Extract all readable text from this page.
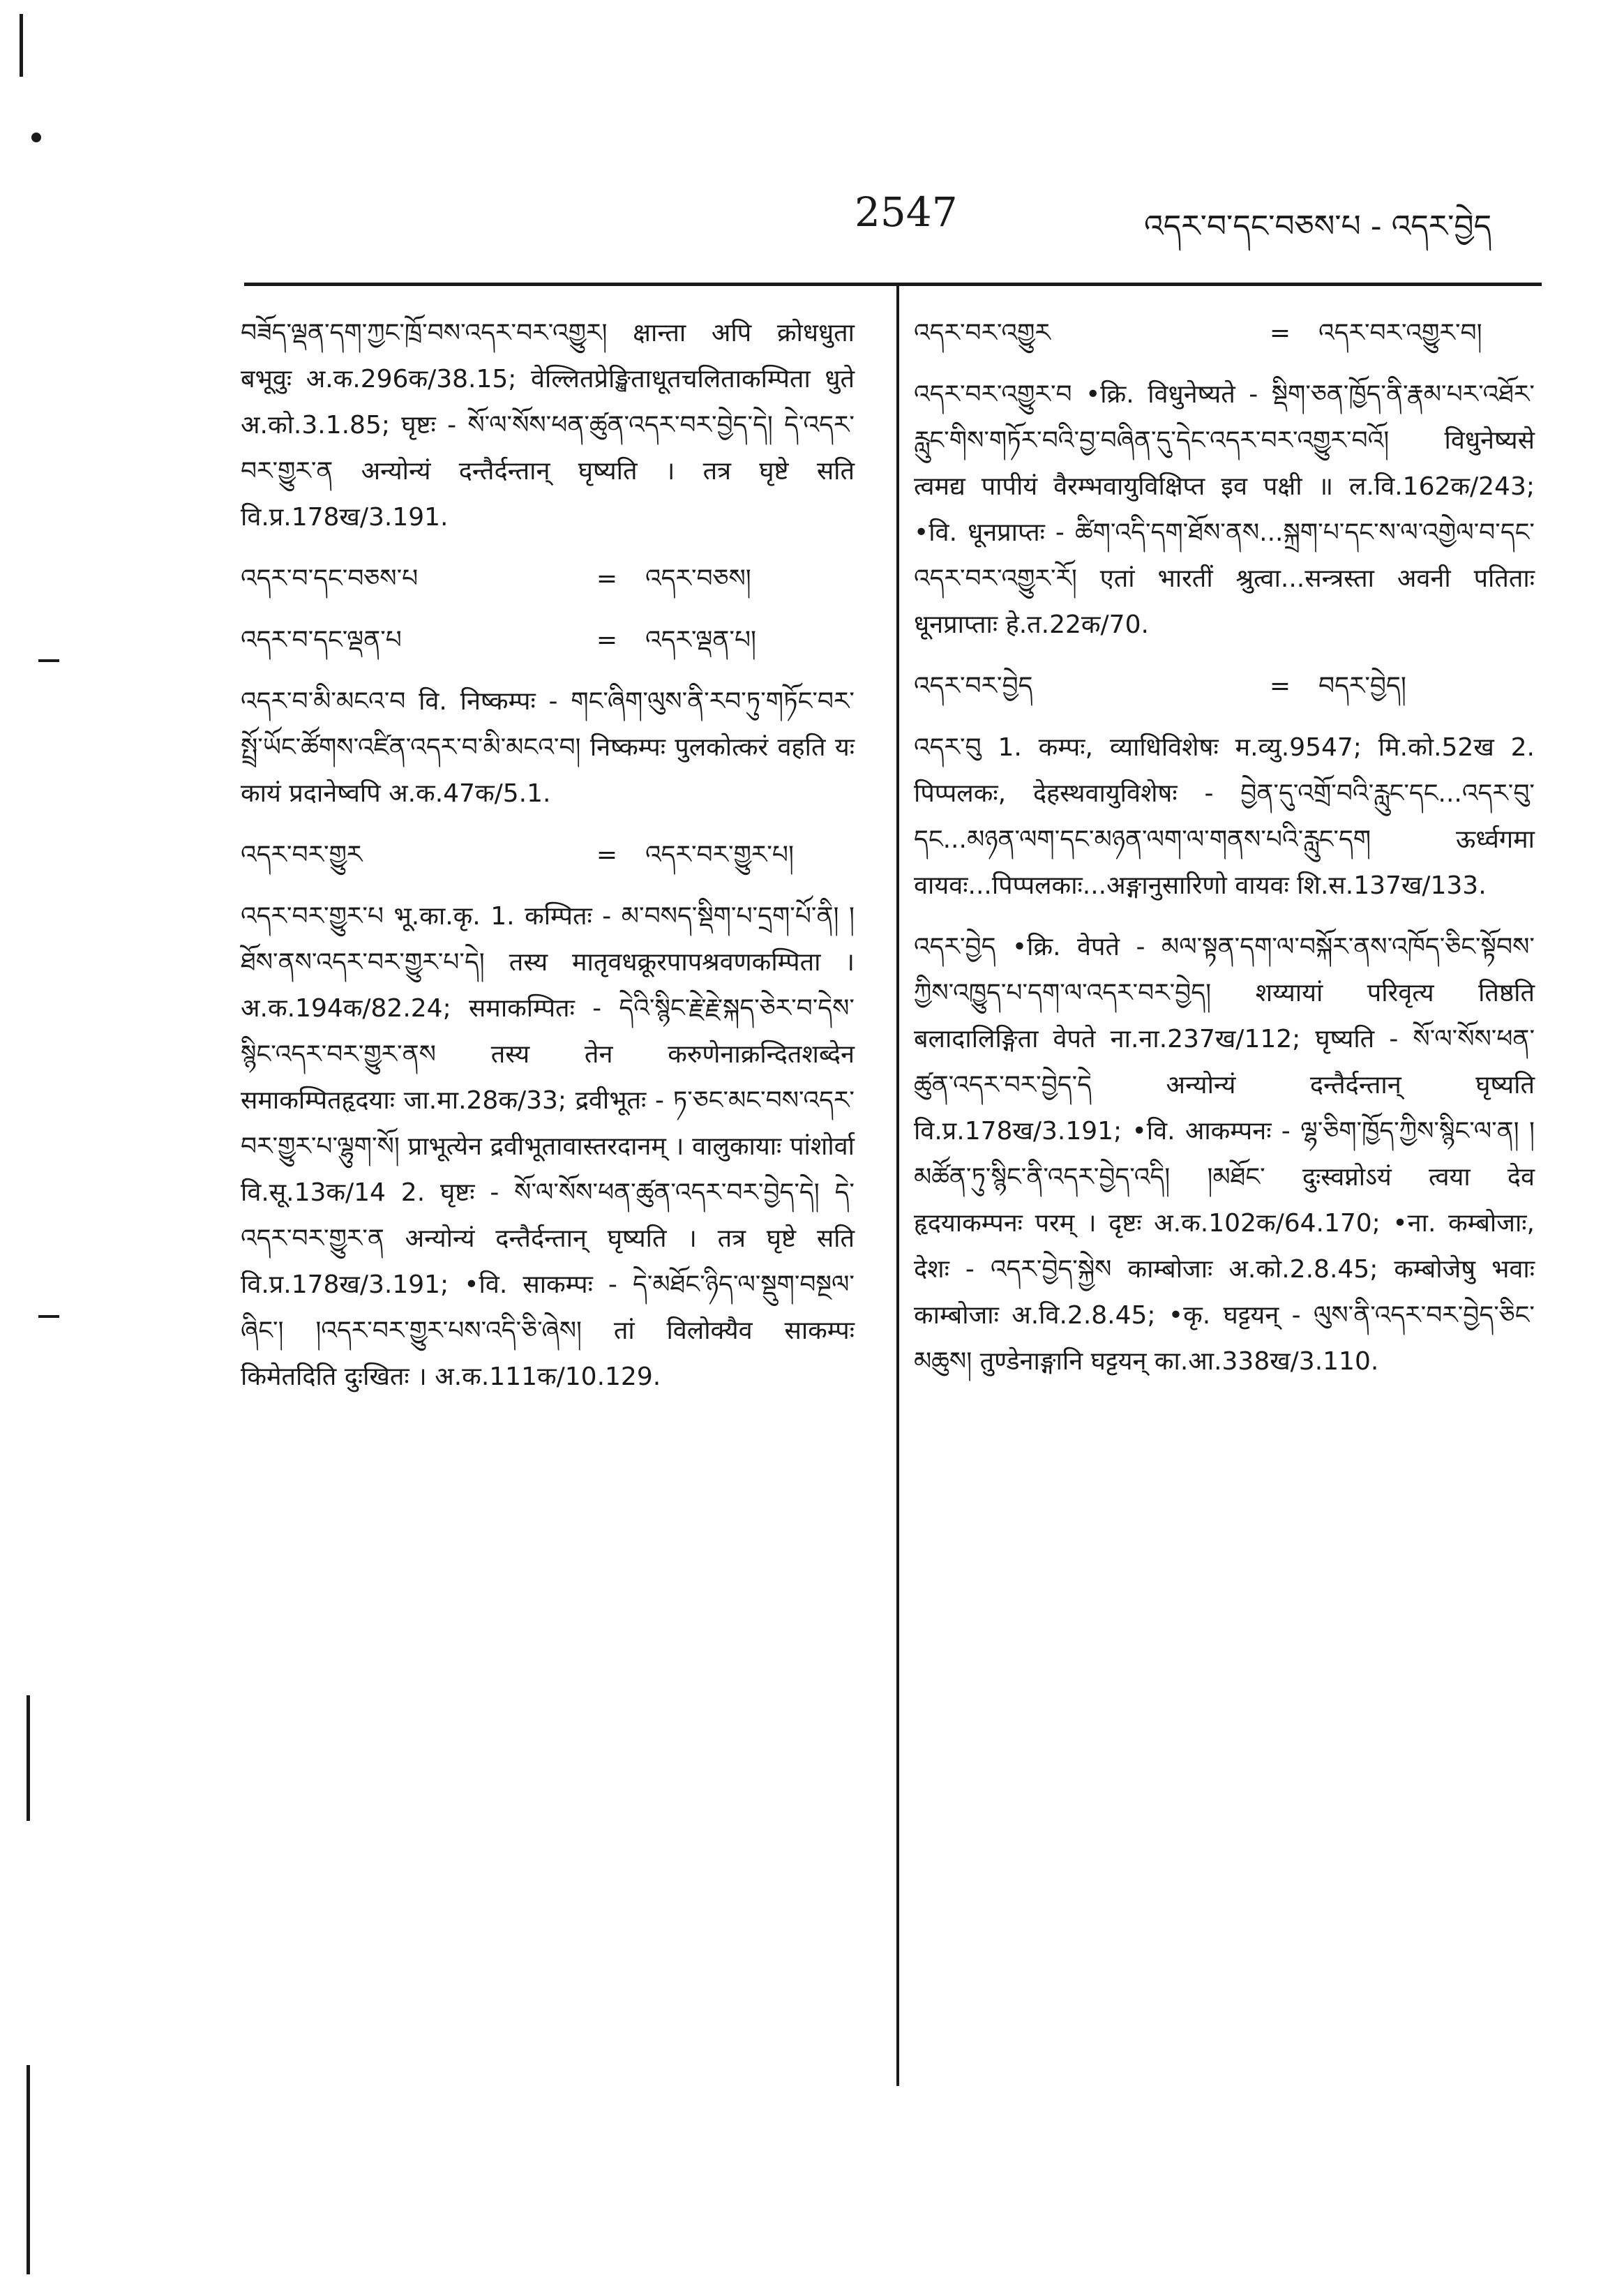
2547	འདར་བ་དང་བཅས་པ - འདར་བྱེད

བཟོད་ལྡན་དག་ཀྱང་ཁྲོ་བས་འདར་བར་འགྱུར། क्षान्ता अपि क्रोधधुता बभूवुः अ.क.296क/38.15; वेल्लितप्रेङ्खिताधूतचलिताकम्पिता धुते अ.को.3.1.85; घृष्टः - སོ་ལ་སོས་ཕན་ཚུན་འདར་བར་བྱེད་དེ། དེ་འདར་བར་གྱུར་ན अन्योन्यं दन्तैर्दन्तान् घृष्यति । तत्र घृष्टे सति वि.प्र.178ख/3.191.

འདར་བ་དང་བཅས་པ	=	འདར་བཅས།
འདར་བ་དང་ལྡན་པ	=	འདར་ལྡན་པ།

འདར་བ་མི་མངའ་བ वि. निष्कम्पः - གང་ཞིག་ལུས་ནི་རབ་ཏུ་གཏོང་བར་སྤྲོ་ཡོང་ཚོགས་འཛིན་འདར་བ་མི་མངའ་བ། निष्कम्पः पुलकोत्करं वहति यः कायं प्रदानेष्वपि अ.क.47क/5.1.

འདར་བར་གྱུར	=	འདར་བར་གྱུར་པ།

འདར་བར་གྱུར་པ भू.का.कृ. 1. कम्पितः - མ་བསད་སྡིག་པ་དྲག་པོ་ནི། །ཐོས་ནས་འདར་བར་གྱུར་པ་དེ། तस्य मातृवधक्रूरपापश्रवणकम्पिता । अ.क.194क/82.24; समाकम्पितः - དེའི་སྙིང་རྗེ་རྗེ་སྐད་ཅེར་བ་དེས་སྙིང་འདར་བར་གྱུར་ནས तस्य तेन करुणेनाक्रन्दितशब्देन समाकम्पितहृदयाः जा.मा.28क/33; द्रवीभूतः - ཏ་ཅང་མང་བས་འདར་བར་གྱུར་པ་ལྷུག་སོ། प्राभूत्येन द्रवीभूतावास्तरदानम् । वालुकायाः पांशोर्वा वि.सू.13क/14 2. घृष्टः - སོ་ལ་སོས་ཕན་ཚུན་འདར་བར་བྱེད་དེ། དེ་འདར་བར་གྱུར་ན अन्योन्यं दन्तैर्दन्तान् घृष्यति । तत्र घृष्टे सति वि.प्र.178ख/3.191; •वि. साकम्पः - དེ་མཐོང་ཉིད་ལ་སྡུག་བསྔལ་ཞིང་། །འདར་བར་གྱུར་པས་འདི་ཅི་ཞེས། तां विलोक्यैव साकम्पः किमेतदिति दुःखितः । अ.क.111क/10.129.

འདར་བར་འགྱུར	=	འདར་བར་འགྱུར་བ།

འདར་བར་འགྱུར་བ •क्रि. विधुनेष्यते - སྡིག་ཅན་ཁྱོད་ནི་རྣམ་པར་འཐོར་རླུང་གིས་གཏོར་བའི་བྱ་བཞིན་དུ་དེང་འདར་བར་འགྱུར་བའོ། विधुनेष्यसे त्वमद्य पापीयं वैरम्भवायुविक्षिप्त इव पक्षी ॥ ल.वि.162क/243; •वि. धूनप्राप्तः - ཚིག་འདི་དག་ཐོས་ནས...སྐྲག་པ་དང་ས་ལ་འགྱེལ་བ་དང་འདར་བར་འགྱུར་རོ། एतां भारतीं श्रुत्वा...सन्त्रस्ता अवनी पतिताः धूनप्राप्ताः हे.त.22क/70.

འདར་བར་བྱེད	=	བདར་བྱེད།

འདར་བུ 1. कम्पः, व्याधिविशेषः म.व्यु.9547; मि.को.52ख 2. पिप्पलकः, देहस्थवायुविशेषः - བྱེན་དུ་འགྲོ་བའི་རླུང་དང...འདར་བུ་དང...མཉན་ལག་དང་མཉན་ལག་ལ་གནས་པའི་རླུང་དག ऊर्ध्वगमा वायवः...पिप्पलकाः...अङ्गानुसारिणो वायवः शि.स.137ख/133.

འདར་བྱེད •क्रि. वेपते - མལ་སྟན་དག་ལ་བསྐོར་ནས་འཁོད་ཅིང་སྟོབས་ཀྱིས་འཁྱུད་པ་དག་ལ་འདར་བར་བྱེད། शय्यायां परिवृत्य तिष्ठति बलादालिङ्गिता वेपते ना.ना.237ख/112; घृष्यति - སོ་ལ་སོས་ཕན་ཚུན་འདར་བར་བྱེད་དེ अन्योन्यं दन्तैर्दन्तान् घृष्यति वि.प्र.178ख/3.191; •वि. आकम्पनः - ལྷ་ཅིག་ཁྱོད་ཀྱིས་སྙིང་ལ་ན། །མཚོན་ཏུ་སྙིང་ནི་འདར་བྱེད་འདི། །མཐོང་ दुःस्वप्नोऽयं त्वया देव हृदयाकम्पनः परम् । दृष्टः अ.क.102क/64.170; •ना. कम्बोजाः, देशः - འདར་བྱེད་སྐྱེས काम्बोजाः अ.को.2.8.45; कम्बोजेषु भवाः काम्बोजाः अ.वि.2.8.45; •कृ. घट्टयन् - ལུས་ནི་འདར་བར་བྱེད་ཅིང་མཆུས། तुण्डेनाङ्गानि घट्टयन् का.आ.338ख/3.110.
